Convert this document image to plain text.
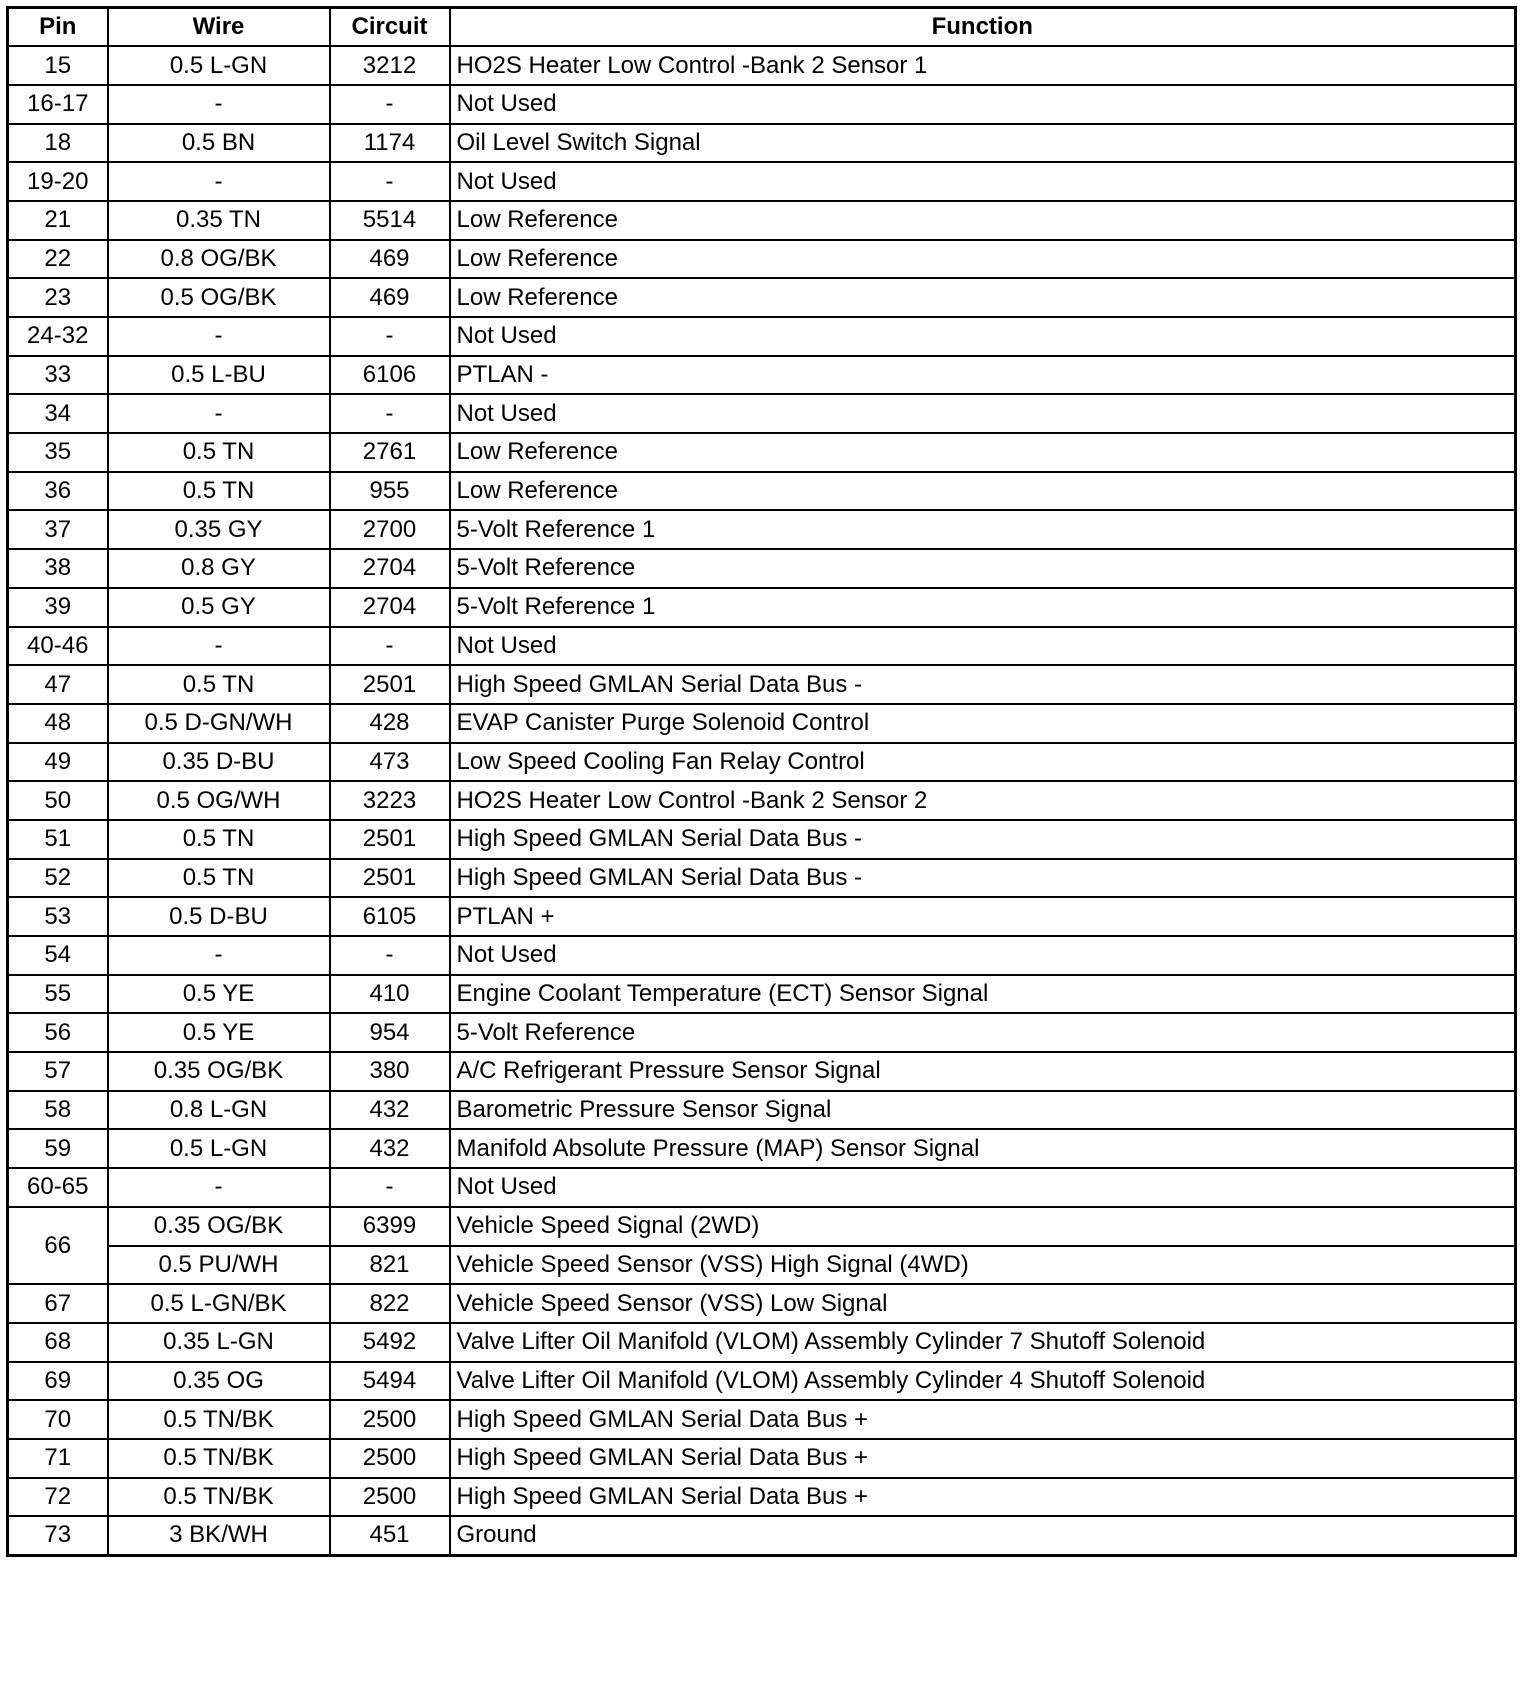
Pin	Wire	Circuit	Function
15	0.5 L-GN	3212	HO2S Heater Low Control -Bank 2 Sensor 1
16-17	-	-	Not Used
18	0.5 BN	1174	Oil Level Switch Signal
19-20	-	-	Not Used
21	0.35 TN	5514	Low Reference
22	0.8 OG/BK	469	Low Reference
23	0.5 OG/BK	469	Low Reference
24-32	-	-	Not Used
33	0.5 L-BU	6106	PTLAN -
34	-	-	Not Used
35	0.5 TN	2761	Low Reference
36	0.5 TN	955	Low Reference
37	0.35 GY	2700	5-Volt Reference 1
38	0.8 GY	2704	5-Volt Reference
39	0.5 GY	2704	5-Volt Reference 1
40-46	-	-	Not Used
47	0.5 TN	2501	High Speed GMLAN Serial Data Bus -
48	0.5 D-GN/WH	428	EVAP Canister Purge Solenoid Control
49	0.35 D-BU	473	Low Speed Cooling Fan Relay Control
50	0.5 OG/WH	3223	HO2S Heater Low Control -Bank 2 Sensor 2
51	0.5 TN	2501	High Speed GMLAN Serial Data Bus -
52	0.5 TN	2501	High Speed GMLAN Serial Data Bus -
53	0.5 D-BU	6105	PTLAN +
54	-	-	Not Used
55	0.5 YE	410	Engine Coolant Temperature (ECT) Sensor Signal
56	0.5 YE	954	5-Volt Reference
57	0.35 OG/BK	380	A/C Refrigerant Pressure Sensor Signal
58	0.8 L-GN	432	Barometric Pressure Sensor Signal
59	0.5 L-GN	432	Manifold Absolute Pressure (MAP) Sensor Signal
60-65	-	-	Not Used
66	0.35 OG/BK	6399	Vehicle Speed Signal (2WD)
	0.5 PU/WH	821	Vehicle Speed Sensor (VSS) High Signal (4WD)
67	0.5 L-GN/BK	822	Vehicle Speed Sensor (VSS) Low Signal
68	0.35 L-GN	5492	Valve Lifter Oil Manifold (VLOM) Assembly Cylinder 7 Shutoff Solenoid
69	0.35 OG	5494	Valve Lifter Oil Manifold (VLOM) Assembly Cylinder 4 Shutoff Solenoid
70	0.5 TN/BK	2500	High Speed GMLAN Serial Data Bus +
71	0.5 TN/BK	2500	High Speed GMLAN Serial Data Bus +
72	0.5 TN/BK	2500	High Speed GMLAN Serial Data Bus +
73	3 BK/WH	451	Ground
